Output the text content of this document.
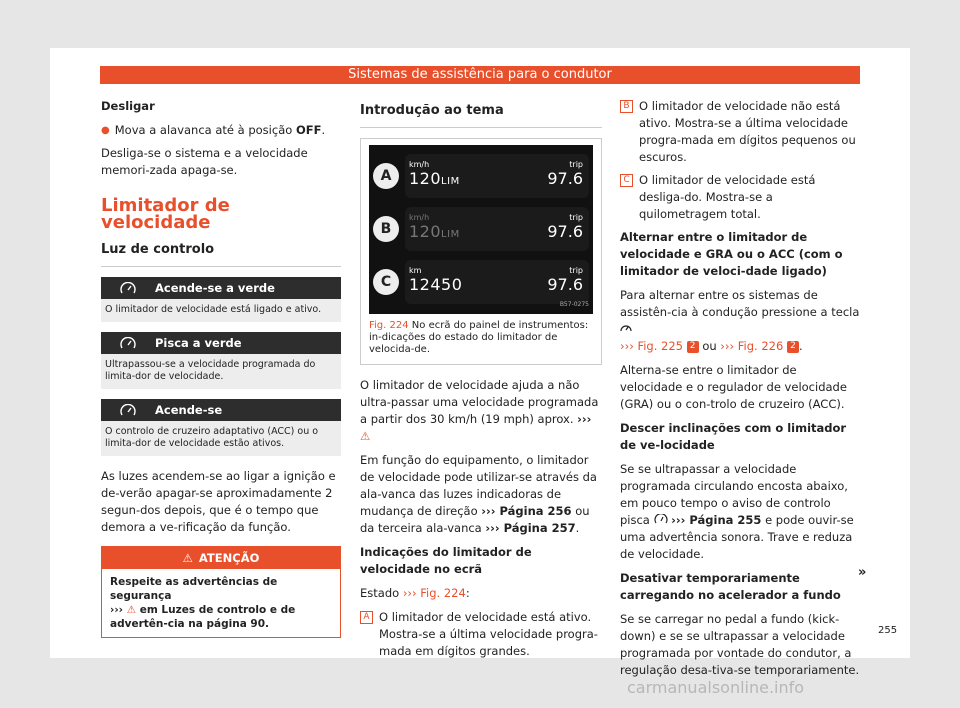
Sistemas de assistência para o condutor

Desligar

● Mova a alavanca até à posição OFF.

Desliga-se o sistema e a velocidade memori-zada apaga-se.

Limitador de velocidade
Luz de controlo
Acende-se a verde
O limitador de velocidade está ligado e ativo.
Pisca a verde
Ultrapassou-se a velocidade programada do limita-dor de velocidade.
Acende-se
O controlo de cruzeiro adaptativo (ACC) ou o limita-dor de velocidade estão ativos.

As luzes acendem-se ao ligar a ignição e de-verão apagar-se aproximadamente 2 segun-dos depois, que é o tempo que demora a ve-rificação da função.

⚠ ATENÇÃO
Respeite as advertências de segurança
››› ⚠ em Luzes de controlo e de advertên-cia na página 90.
Introdução ao tema
A
km/h
120LIM
trip
97.6
B
km/h
120LIM
trip
97.6
C
km
12450
trip
97.6
B57-0275
Fig. 224 No ecrã do painel de instrumentos: in-dicações do estado do limitador de velocida-de.

O limitador de velocidade ajuda a não ultra-passar uma velocidade programada a partir dos 30 km/h (19 mph) aprox. ››› ⚠

Em função do equipamento, o limitador de velocidade pode utilizar-se através da ala-vanca das luzes indicadoras de mudança de direção ››› Página 256 ou da terceira ala-vanca ››› Página 257.

Indicações do limitador de velocidade no ecrã

Estado ››› Fig. 224:

A O limitador de velocidade está ativo. Mostra-se a última velocidade progra-mada em dígitos grandes.
B O limitador de velocidade não está ativo. Mostra-se a última velocidade progra-mada em dígitos pequenos ou escuros.
C O limitador de velocidade está desliga-do. Mostra-se a quilometragem total.

Alternar entre o limitador de velocidade e GRA ou o ACC (com o limitador de veloci-dade ligado)

Para alternar entre os sistemas de assistên-cia à condução pressione a tecla
››› Fig. 225 2 ou ››› Fig. 226 2 .

Alterna-se entre o limitador de velocidade e o regulador de velocidade (GRA) ou o con-trolo de cruzeiro (ACC).

Descer inclinações com o limitador de ve-locidade

Se se ultrapassar a velocidade programada circulando encosta abaixo, em pouco tempo o aviso de controlo pisca ››› Página 255 e pode ouvir-se uma advertência sonora. Trave e reduza de velocidade.

Desativar temporariamente carregando no acelerador a fundo

Se se carregar no pedal a fundo (kick-down) e se se ultrapassar a velocidade programada por vontade do condutor, a regulação desa-tiva-se temporariamente.

»
255
carmanualsonline.info
